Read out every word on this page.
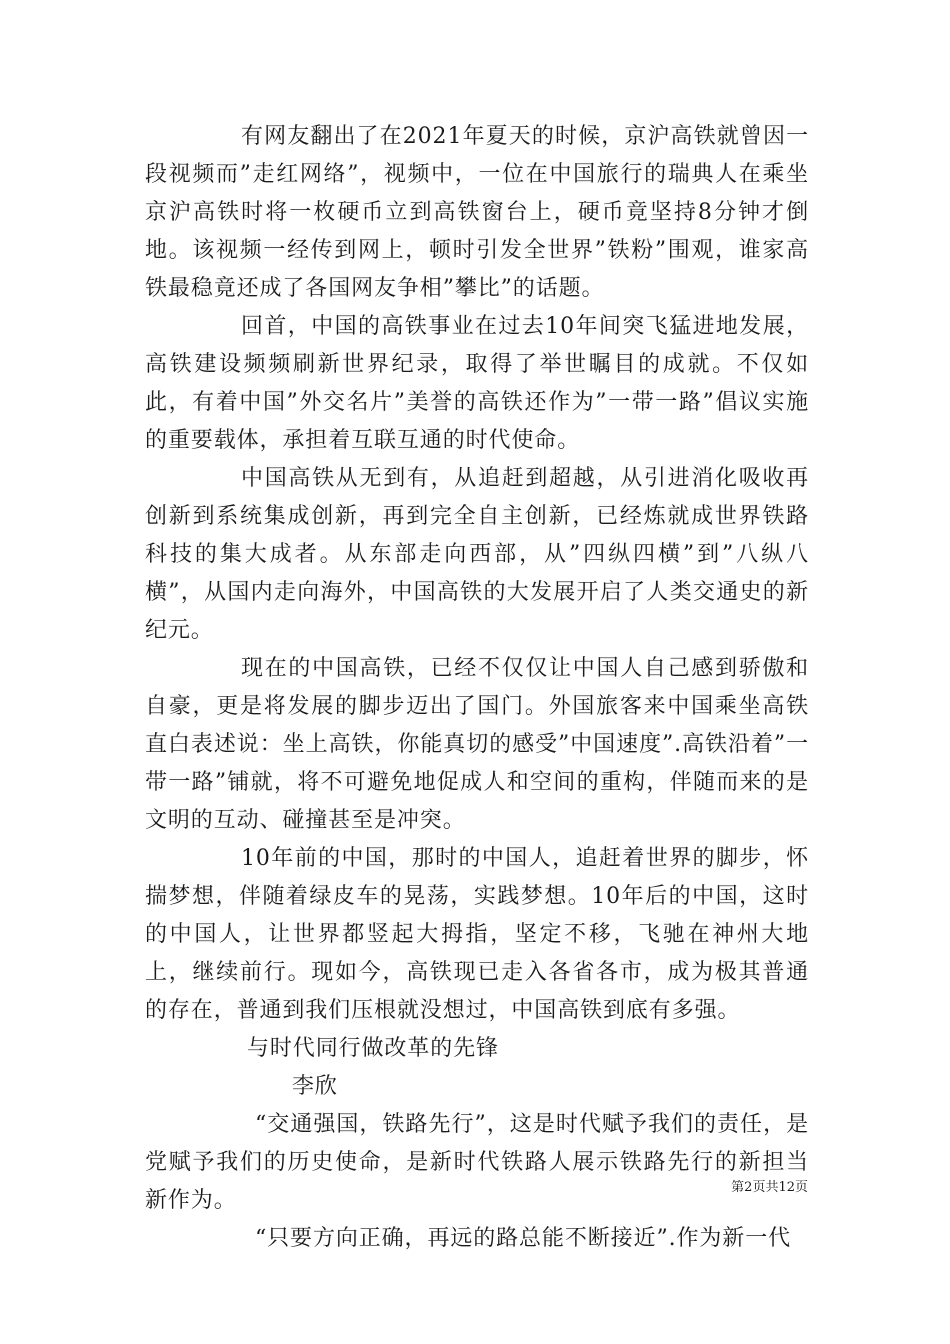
有网友翻出了在2021年夏天的时候，京沪高铁就曾因一段视频而”走红网络”，视频中，一位在中国旅行的瑞典人在乘坐京沪高铁时将一枚硬币立到高铁窗台上，硬币竟坚持8分钟才倒地。该视频一经传到网上，顿时引发全世界”铁粉”围观，谁家高铁最稳竟还成了各国网友争相”攀比”的话题。

回首，中国的高铁事业在过去10年间突飞猛进地发展，高铁建设频频刷新世界纪录，取得了举世瞩目的成就。不仅如此，有着中国”外交名片”美誉的高铁还作为”一带一路”倡议实施的重要载体，承担着互联互通的时代使命。

中国高铁从无到有，从追赶到超越，从引进消化吸收再创新到系统集成创新，再到完全自主创新，已经炼就成世界铁路科技的集大成者。从东部走向西部，从”四纵四横”到”八纵八横”，从国内走向海外，中国高铁的大发展开启了人类交通史的新纪元。

现在的中国高铁，已经不仅仅让中国人自己感到骄傲和自豪，更是将发展的脚步迈出了国门。外国旅客来中国乘坐高铁直白表述说：坐上高铁，你能真切的感受”中国速度”.高铁沿着”一带一路”铺就，将不可避免地促成人和空间的重构，伴随而来的是文明的互动、碰撞甚至是冲突。

10年前的中国，那时的中国人，追赶着世界的脚步，怀揣梦想，伴随着绿皮车的晃荡，实践梦想。10年后的中国，这时的中国人，让世界都竖起大拇指，坚定不移，飞驰在神州大地上，继续前行。现如今，高铁现已走入各省各市，成为极其普通的存在，普通到我们压根就没想过，中国高铁到底有多强。

与时代同行做改革的先锋

李欣

“交通强国，铁路先行”，这是时代赋予我们的责任，是党赋予我们的历史使命，是新时代铁路人展示铁路先行的新担当新作为。

“只要方向正确，再远的路总能不断接近”.作为新一代

第2页共12页
